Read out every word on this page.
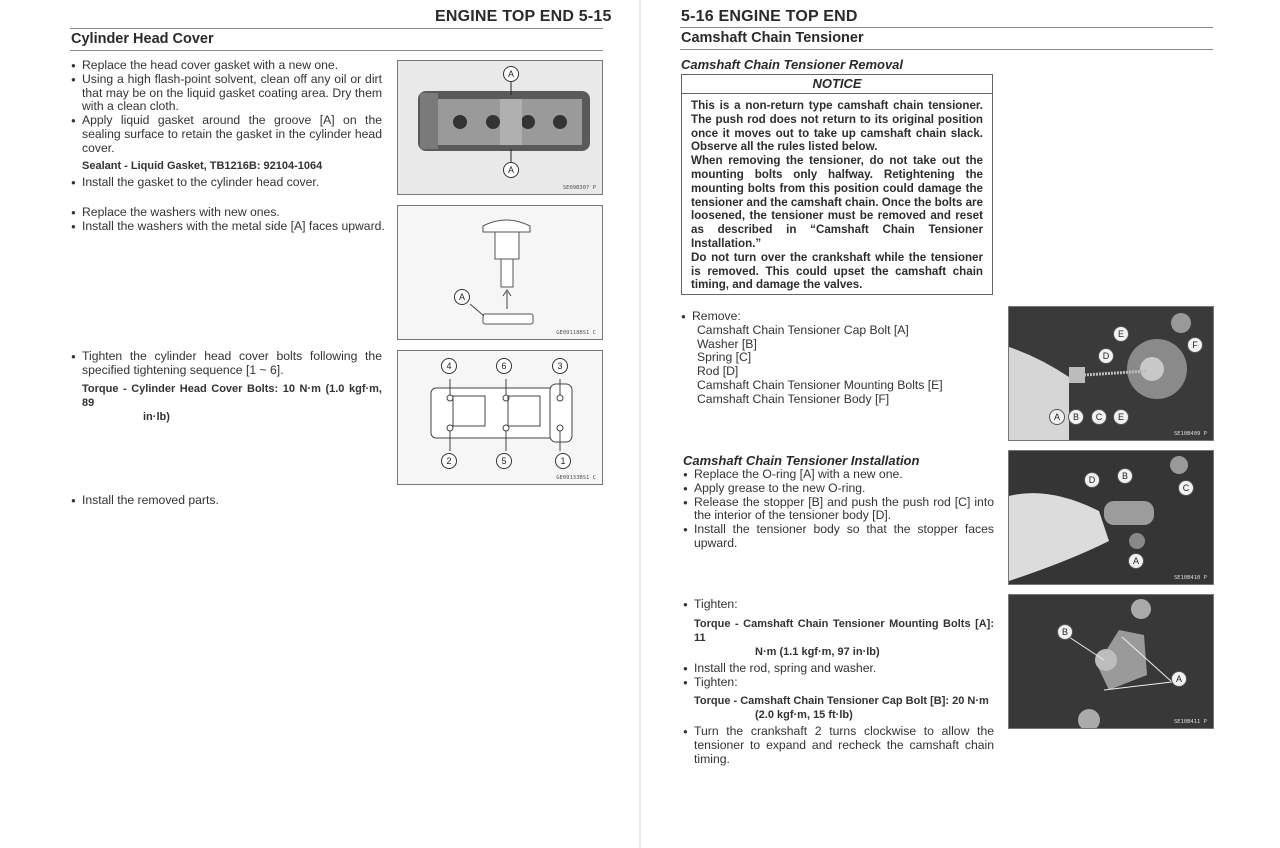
ENGINE TOP END 5-15
Cylinder Head Cover
● Replace the head cover gasket with a new one.
● Using a high flash-point solvent, clean off any oil or dirt that may be on the liquid gasket coating area. Dry them with a clean cloth.
● Apply liquid gasket around the groove [A] on the sealing surface to retain the gasket in the cylinder head cover.
Sealant - Liquid Gasket, TB1216B: 92104-1064
● Install the gasket to the cylinder head cover.
● Replace the washers with new ones.
● Install the washers with the metal side [A] faces upward.
● Tighten the cylinder head cover bolts following the specified tightening sequence [1 ~ 6].
Torque - Cylinder Head Cover Bolts: 10 N·m (1.0 kgf·m, 89
in·lb)
● Install the removed parts.
A
A
SE09B307 P
A
GE09118BS1 C
4	6	3
2	5	1
GE09133BS1 C
5-16 ENGINE TOP END
Camshaft Chain Tensioner
Camshaft Chain Tensioner Removal
NOTICE

This is a non-return type camshaft chain tensioner. The push rod does not return to its original position once it moves out to take up camshaft chain slack. Observe all the rules listed below.

When removing the tensioner, do not take out the mounting bolts only halfway. Retightening the mounting bolts from this position could damage the tensioner and the camshaft chain. Once the bolts are loosened, the tensioner must be removed and reset as described in “Camshaft Chain Tensioner Installation.”

Do not turn over the crankshaft while the tensioner is removed. This could upset the camshaft chain timing, and damage the valves.

● Remove:
Camshaft Chain Tensioner Cap Bolt [A]
Washer [B]
Spring [C]
Rod [D]
Camshaft Chain Tensioner Mounting Bolts [E]
Camshaft Chain Tensioner Body [F]
Camshaft Chain Tensioner Installation
● Replace the O-ring [A] with a new one.
● Apply grease to the new O-ring.
● Release the stopper [B] and push the push rod [C] into the interior of the tensioner body [D].
● Install the tensioner body so that the stopper faces upward.
● Tighten:
Torque - Camshaft Chain Tensioner Mounting Bolts [A]: 11
N·m (1.1 kgf·m, 97 in·lb)
● Install the rod, spring and washer.
● Tighten:
Torque - Camshaft Chain Tensioner Cap Bolt [B]: 20 N·m
(2.0 kgf·m, 15 ft·lb)
● Turn the crankshaft 2 turns clockwise to allow the tensioner to expand and recheck the camshaft chain timing.
E
D
F
A	B	C	E
SE10B409 P
D	B
C
A
SE10B410 P
B
A
SE10B411 P
